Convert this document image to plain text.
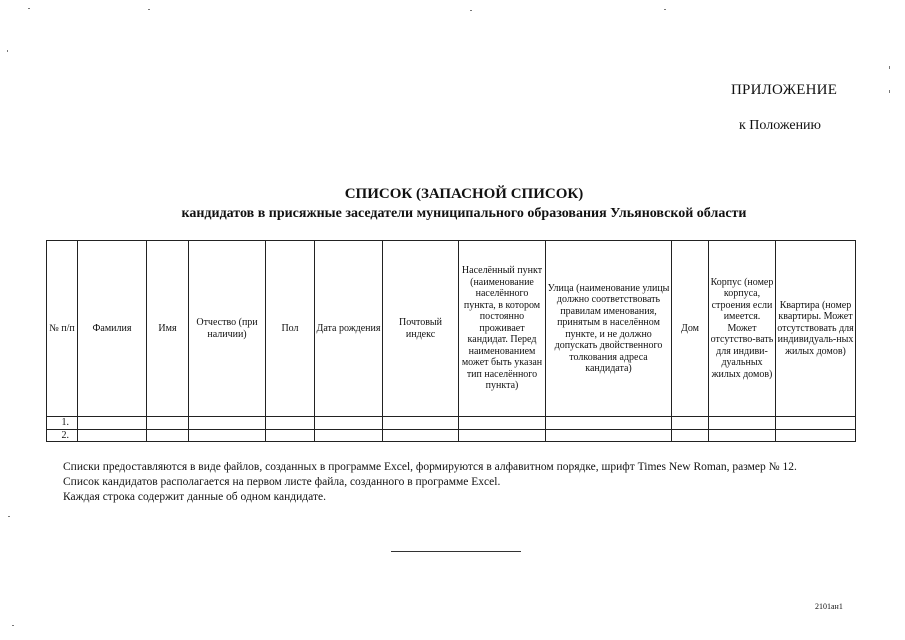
ПРИЛОЖЕНИЕ
к Положению
СПИСОК (ЗАПАСНОЙ СПИСОК)
кандидатов в присяжные заседатели муниципального образования Ульяновской области
№ п/п	Фамилия	Имя	Отчество (при наличии)	Пол	Дата рождения	Почтовый индекс	Населённый пункт (наименование населённого пункта, в котором постоянно проживает кандидат. Перед наименованием может быть указан тип населённого пункта)	Улица (наименование улицы должно соответствовать правилам именования, принятым в населённом пункте, и не должно допускать двойственного толкования адреса кандидата)	Дом	Корпус (номер корпуса, строения если имеется. Может отсутство-вать для индиви-дуальных жилых домов)	Квартира (номер квартиры. Может отсутствовать для индивидуаль-ных жилых домов)
1.											
2.											
Списки предоставляются в виде файлов, созданных в программе Excel, формируются в алфавитном порядке, шрифт Times New Roman, размер № 12.
Список кандидатов располагается на первом листе файла, созданного в программе Excel.
Каждая строка содержит данные об одном кандидате.
2101ан1
